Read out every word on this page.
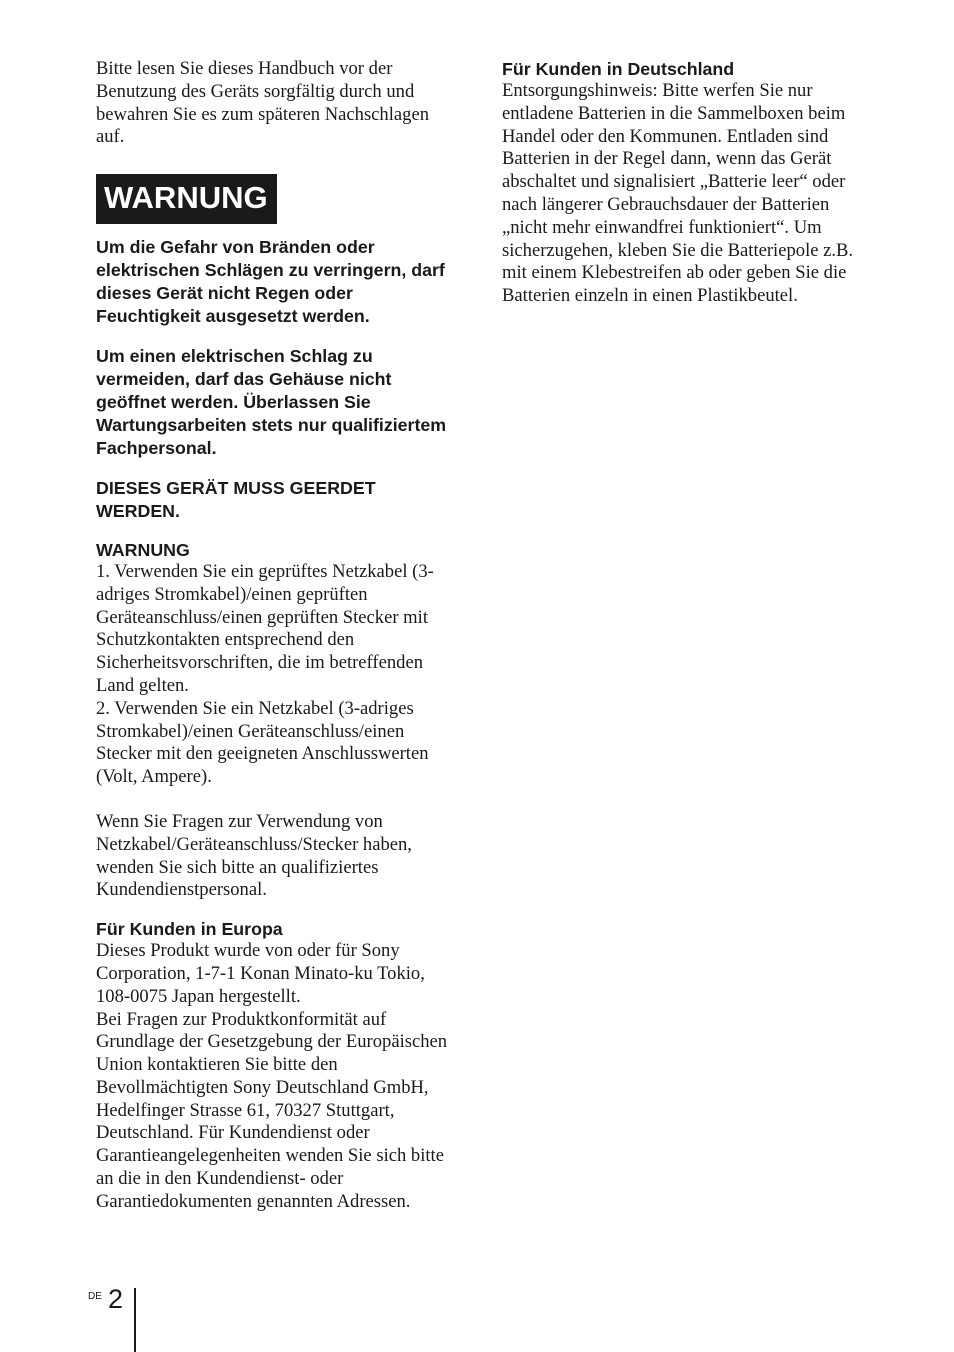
Bitte lesen Sie dieses Handbuch vor der Benutzung des Geräts sorgfältig durch und bewahren Sie es zum späteren Nachschlagen auf.

WARNUNG

Um die Gefahr von Bränden oder elektrischen Schlägen zu verringern, darf dieses Gerät nicht Regen oder Feuchtigkeit ausgesetzt werden.

Um einen elektrischen Schlag zu vermeiden, darf das Gehäuse nicht geöffnet werden. Überlassen Sie Wartungsarbeiten stets nur qualifiziertem Fachpersonal.

DIESES GERÄT MUSS GEERDET WERDEN.

WARNUNG

1. Verwenden Sie ein geprüftes Netzkabel (3-adriges Stromkabel)/einen geprüften Geräteanschluss/einen geprüften Stecker mit Schutzkontakten entsprechend den Sicherheitsvorschriften, die im betreffenden Land gelten.
2. Verwenden Sie ein Netzkabel (3-adriges Stromkabel)/einen Geräteanschluss/einen Stecker mit den geeigneten Anschlusswerten (Volt, Ampere).

Wenn Sie Fragen zur Verwendung von Netzkabel/Geräteanschluss/Stecker haben, wenden Sie sich bitte an qualifiziertes Kundendienstpersonal.

Für Kunden in Europa

Dieses Produkt wurde von oder für Sony Corporation, 1-7-1 Konan Minato-ku Tokio, 108-0075 Japan hergestellt.
Bei Fragen zur Produktkonformität auf Grundlage der Gesetzgebung der Europäischen Union kontaktieren Sie bitte den Bevollmächtigten Sony Deutschland GmbH, Hedelfinger Strasse 61, 70327 Stuttgart, Deutschland. Für Kundendienst oder Garantieangelegenheiten wenden Sie sich bitte an die in den Kundendienst- oder Garantiedokumenten genannten Adressen.

Für Kunden in Deutschland

Entsorgungshinweis: Bitte werfen Sie nur entladene Batterien in die Sammelboxen beim Handel oder den Kommunen. Entladen sind Batterien in der Regel dann, wenn das Gerät abschaltet und signalisiert „Batterie leer“ oder nach längerer Gebrauchsdauer der Batterien „nicht mehr einwandfrei funktioniert“. Um sicherzugehen, kleben Sie die Batteriepole z.B. mit einem Klebestreifen ab oder geben Sie die Batterien einzeln in einen Plastikbeutel.

DE 2
